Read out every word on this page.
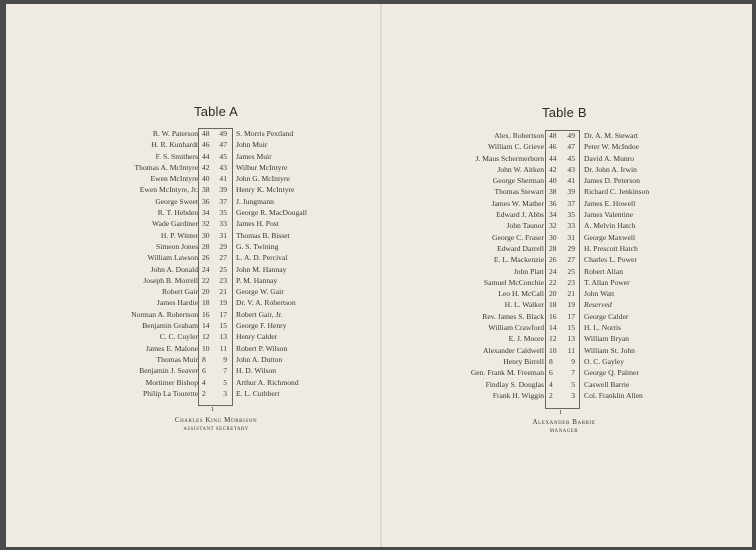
Table A
R. W. Paterson 48	49 S. Morris Pextland
H. R. Kunhardt 46	47 John Muir
F. S. Smithers 44	45 James Muir
Thomas A. McIntyre 42	43 Wilbur McIntyre
Ewen McIntyre 40	41 John G. McIntyre
Ewen McIntyre, Jr. 38	39 Henry K. McIntyre
George Sweet 36	37 J. Jungmann
R. T. Hebden 34	35 George R. MacDougall
Wade Gardiner 32	33 James H. Post
H. P. Winter 30	31 Thomas B. Bisset
Simeon Jones 28	29 G. S. Twining
William Lawson 26	27 L. A. D. Percival
John A. Donald 24	25 John M. Hannay
Joseph B. Morrell 22	23 P. M. Hannay
Robert Gair 20	21 George W. Gair
James Hardie 18	19 Dr. V. A. Robertson
Norman A. Robertson 16	17 Robert Gair, Jr.
Benjamin Graham 14	15 George F. Henry
C. C. Cuyler 12	13 Henry Calder
James E. Malone 10	11 Robert P. Wilson
Thomas Muir 8	9 John A. Dutton
Benjamin J. Seaver 6	7 H. D. Wilson
Mortimer Bishop 4	5 Arthur A. Richmond
Philip La Tourette 2	3 E. L. Cuthbert
1
Charles King Morrison
ASSISTANT SECRETARY
Table B
Alex. Robertson 48	49 Dr. A. M. Stewart
William C. Grieve 46	47 Peter W. McIndoe
J. Maus Schermerhorn 44	45 David A. Munro
John W. Aitken 42	43 Dr. John A. Irwin
George Sherman 40	41 James D. Peterson
Thomas Stewart 38	39 Richard C. Jenkinson
James W. Mather 36	37 James E. Howell
Edward J. Abbs 34	35 James Valentine
John Taunor 32	33 A. Melvin Hatch
George C. Fraser 30	31 George Maxwell
Edward Darrell 28	29 H. Prescott Hatch
E. L. Mackenzie 26	27 Charles L. Power
John Platt 24	25 Robert Allan
Samuel McConchie 22	23 T. Allan Power
Leo H. McCall 20	21 John Watt
H. L. Walker 18	19 Reserved
Rev. James S. Black 16	17 George Calder
William Crawford 14	15 H. L. Norris
E. J. Moore 12	13 William Bryan
Alexander Caldwell 10	11 William St. John
Henry Birrell 8	9 O. C. Gayley
Gen. Frank M. Freeman 6	7 George Q. Palmer
Findlay S. Douglas 4	5 Caswell Barrie
Frank H. Wiggin 2	3 Col. Franklin Allen
1
Alexander Barrie
MANAGER
